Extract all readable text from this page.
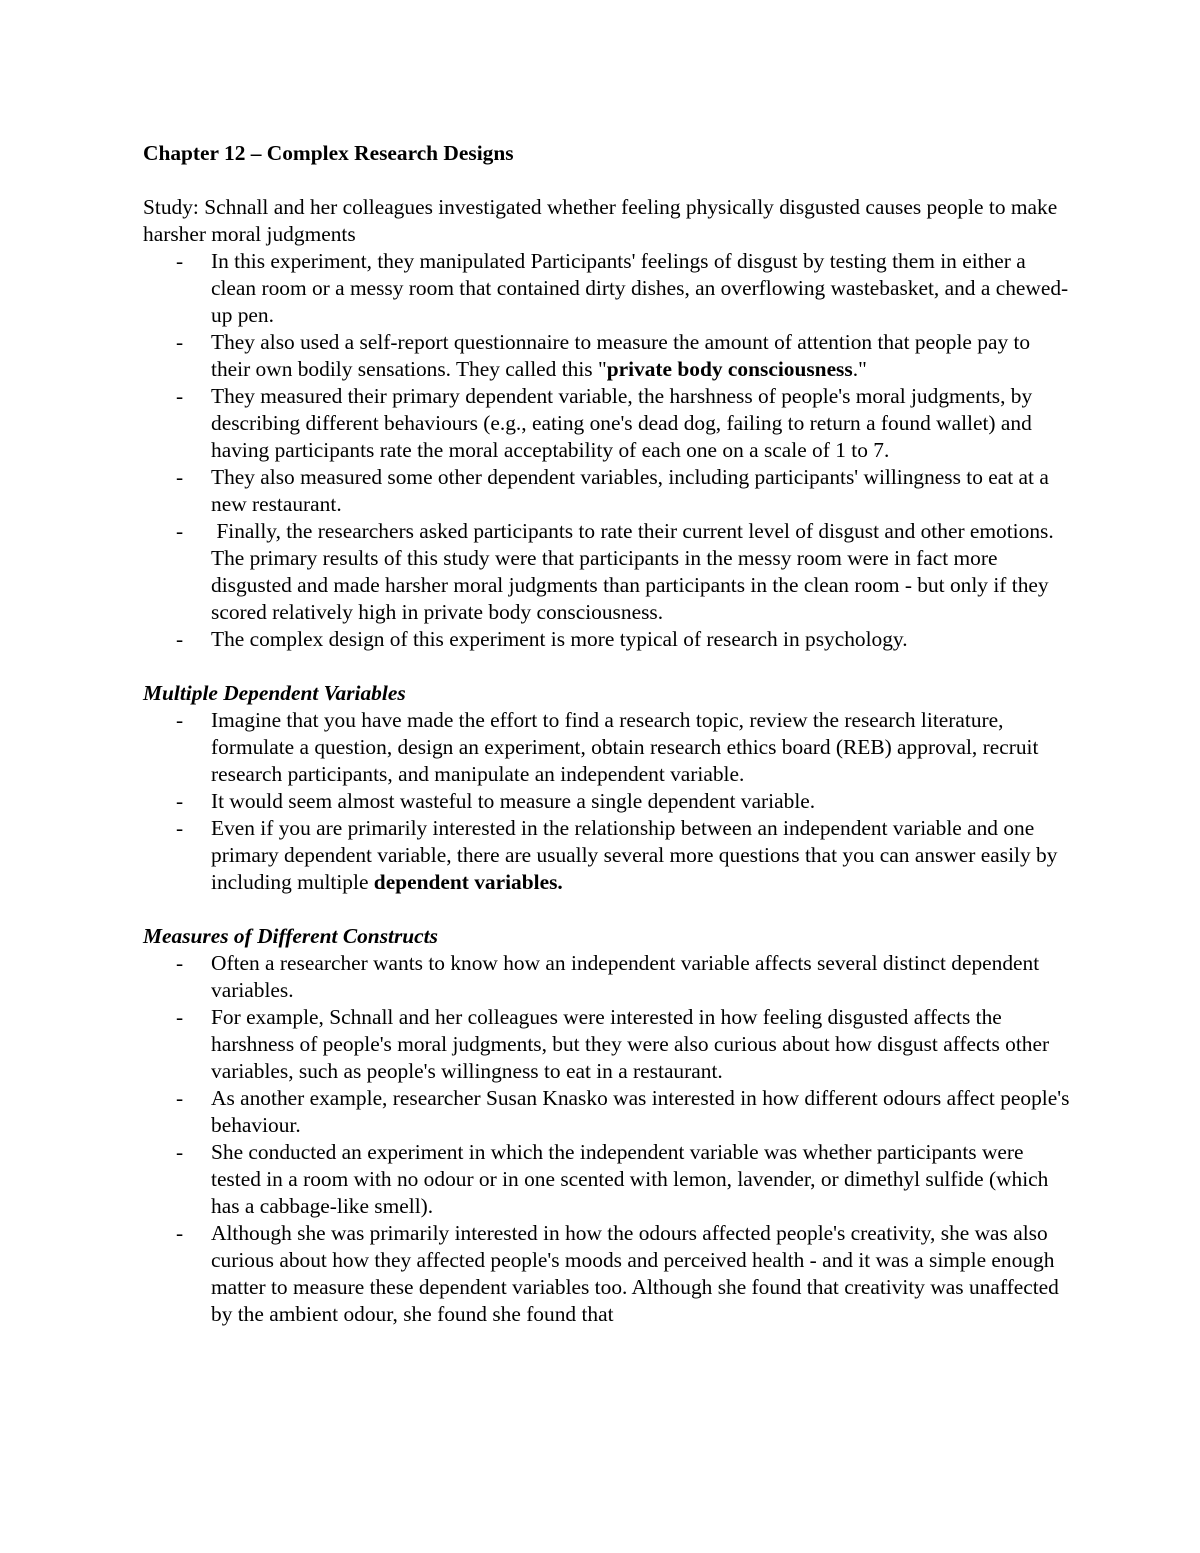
Chapter 12 – Complex Research Designs

Study: Schnall and her colleagues investigated whether feeling physically disgusted causes people to make harsher moral judgments

- In this experiment, they manipulated Participants' feelings of disgust by testing them in either a clean room or a messy room that contained dirty dishes, an overflowing wastebasket, and a chewed-up pen.
- They also used a self-report questionnaire to measure the amount of attention that people pay to their own bodily sensations. They called this "private body consciousness."
- They measured their primary dependent variable, the harshness of people's moral judgments, by describing different behaviours (e.g., eating one's dead dog, failing to return a found wallet) and having participants rate the moral acceptability of each one on a scale of 1 to 7.
- They also measured some other dependent variables, including participants' willingness to eat at a new restaurant.
- Finally, the researchers asked participants to rate their current level of disgust and other emotions. The primary results of this study were that participants in the messy room were in fact more disgusted and made harsher moral judgments than participants in the clean room - but only if they scored relatively high in private body consciousness.
- The complex design of this experiment is more typical of research in psychology.

Multiple Dependent Variables

- Imagine that you have made the effort to find a research topic, review the research literature, formulate a question, design an experiment, obtain research ethics board (REB) approval, recruit research participants, and manipulate an independent variable.
- It would seem almost wasteful to measure a single dependent variable.
- Even if you are primarily interested in the relationship between an independent variable and one primary dependent variable, there are usually several more questions that you can answer easily by including multiple dependent variables.

Measures of Different Constructs

- Often a researcher wants to know how an independent variable affects several distinct dependent variables.
- For example, Schnall and her colleagues were interested in how feeling disgusted affects the harshness of people's moral judgments, but they were also curious about how disgust affects other variables, such as people's willingness to eat in a restaurant.
- As another example, researcher Susan Knasko was interested in how different odours affect people's behaviour.
- She conducted an experiment in which the independent variable was whether participants were tested in a room with no odour or in one scented with lemon, lavender, or dimethyl sulfide (which has a cabbage-like smell).
- Although she was primarily interested in how the odours affected people's creativity, she was also curious about how they affected people's moods and perceived health - and it was a simple enough matter to measure these dependent variables too. Although she found that creativity was unaffected by the ambient odour, she found she found that
